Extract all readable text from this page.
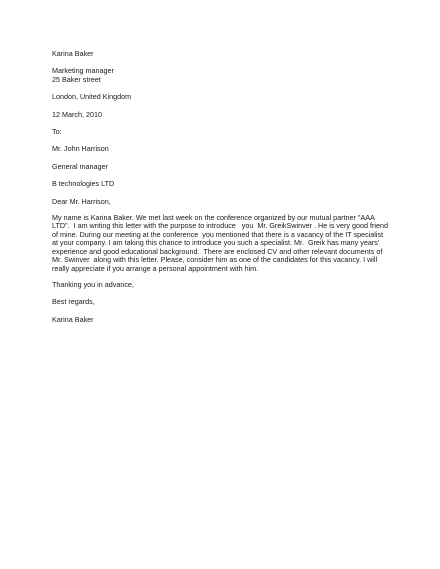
Karina Baker
Marketing manager
25 Baker street
London, United Kingdom
12 March, 2010
To:
Mr. John Harrison
General manager
B technologies LTD
Dear Mr. Harrison,
My name is Karina Baker. We met last week on the conference organized by our mutual partner "AAA
LTD".  I am writing this letter with the purpose to introduce   you  Mr. GreikSwinver . He is very good friend
of mine. During our meeting at the conference  you mentioned that there is a vacancy of the IT specialist
at your company. I am taking this chance to introduce you such a specialist. Mr.  Greik has many years'
experience and good educational background.  There are enclosed CV and other relevant documents of
Mr. Swinver  along with this letter. Please, consider him as one of the candidates for this vacancy. I will
really appreciate if you arrange a personal appointment with him.
Thanking you in advance,
Best regards,
Karina Baker
